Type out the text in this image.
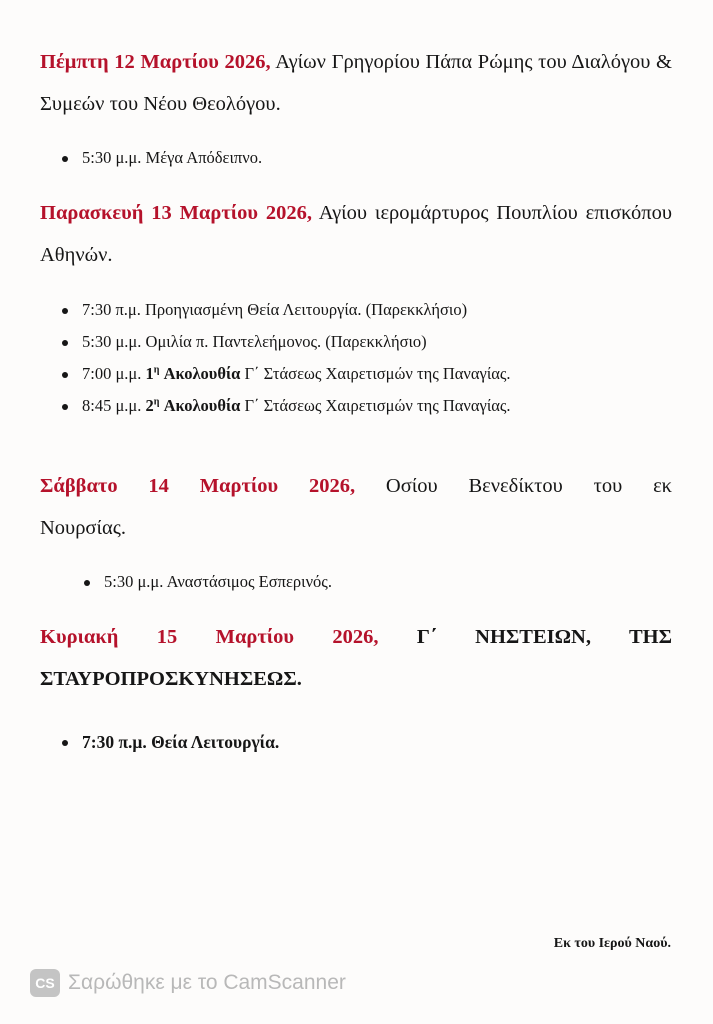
Πέμπτη 12 Μαρτίου 2026, Αγίων Γρηγορίου Πάπα Ρώμης του Διαλόγου & Συμεών του Νέου Θεολόγου.
5:30 μ.μ. Μέγα Απόδειπνο.
Παρασκευή 13 Μαρτίου 2026, Αγίου ιερομάρτυρος Πουπλίου επισκόπου Αθηνών.
7:30 π.μ. Προηγιασμένη Θεία Λειτουργία. (Παρεκκλήσιο)
5:30 μ.μ. Ομιλία π. Παντελεήμονος. (Παρεκκλήσιο)
7:00 μ.μ. $1^\eta$ Ακολουθία Γ΄ Στάσεως Χαιρετισμών της Παναγίας.
8:45 μ.μ. $2^\eta$ Ακολουθία Γ΄ Στάσεως Χαιρετισμών της Παναγίας.
Σάββατο 14 Μαρτίου 2026, Οσίου Βενεδίκτου του εκ
Νουρσίας.
5:30 μ.μ. Αναστάσιμος Εσπερινός.
Κυριακή 15 Μαρτίου 2026, Γ΄ ΝΗΣΤΕΙΩΝ, ΤΗΣ
ΣΤΑΥΡΟΠΡΟΣΚΥΝΗΣΕΩΣ.
7:30 π.μ. Θεία Λειτουργία.
Εκ του Ιερού Ναού.
CS Σαρώθηκε με το CamScanner
